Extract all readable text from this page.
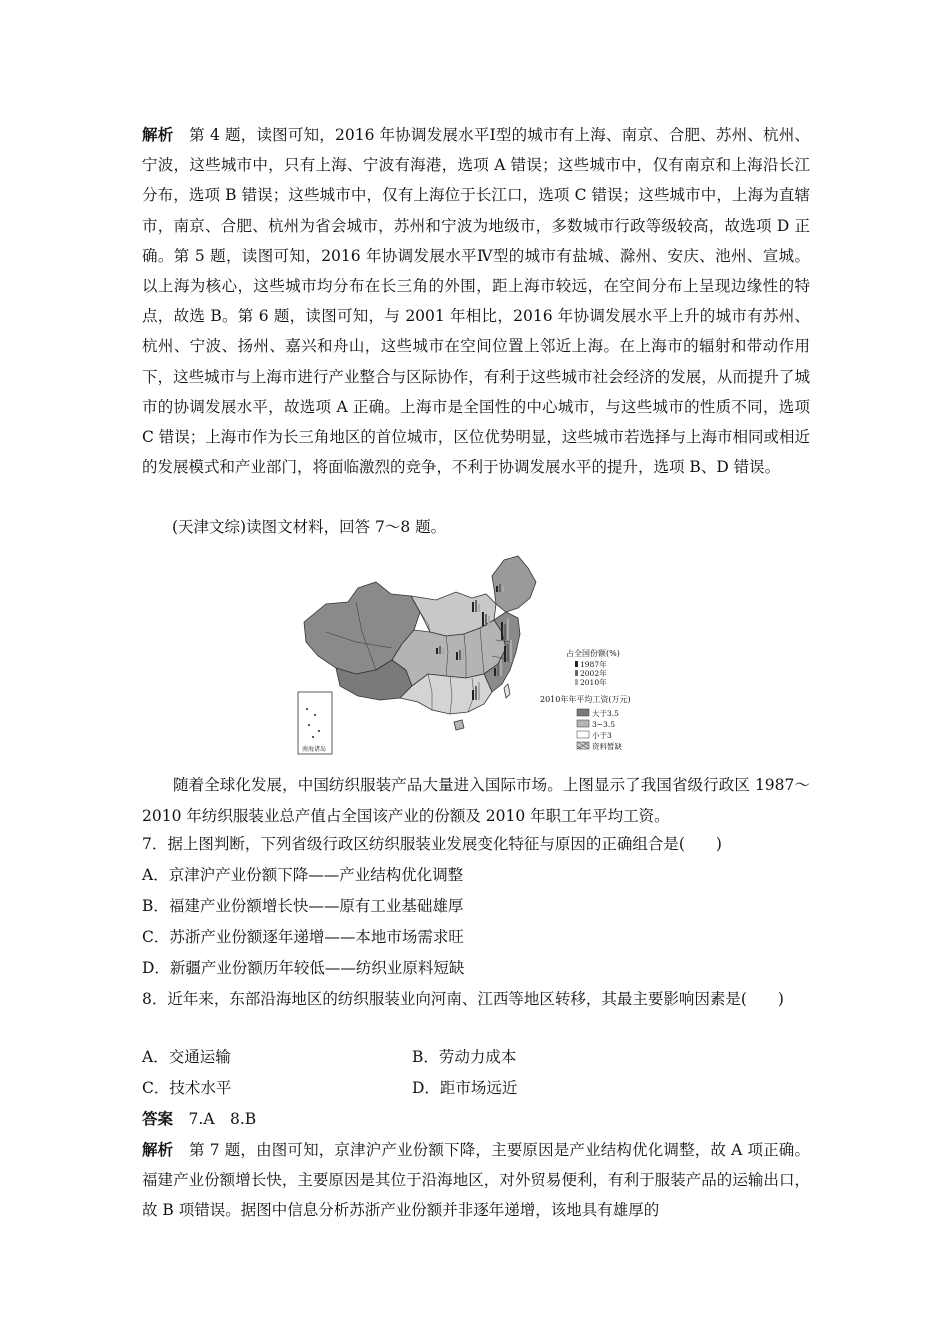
解析　 第 4 题，读图可知，2016 年协调发展水平Ⅰ型的城市有上海、南京、合肥、苏州、杭州、宁波，这些城市中，只有上海、宁波有海港，选项 A 错误；这些城市中，仅有南京和上海沿长江分布，选项 B 错误；这些城市中，仅有上海位于长江口，选项 C 错误；这些城市中，上海为直辖市，南京、合肥、杭州为省会城市，苏州和宁波为地级市，多数城市行政等级较高，故选项 D 正确。第 5 题，读图可知，2016 年协调发展水平Ⅳ型的城市有盐城、滁州、安庆、池州、宣城。以上海为核心，这些城市均分布在长三角的外围，距上海市较远，在空间分布上呈现边缘性的特点，故选 B。第 6 题，读图可知，与 2001 年相比，2016 年协调发展水平上升的城市有苏州、杭州、宁波、扬州、嘉兴和舟山，这些城市在空间位置上邻近上海。在上海市的辐射和带动作用下，这些城市与上海市进行产业整合与区际协作，有利于这些城市社会经济的发展，从而提升了城市的协调发展水平，故选项 A 正确。上海市是全国性的中心城市，与这些城市的性质不同，选项 C 错误；上海市作为长三角地区的首位城市，区位优势明显，这些城市若选择与上海市相同或相近的发展模式和产业部门，将面临激烈的竞争，不利于协调发展水平的提升，选项 B、D 错误。

(天津文综)读图文材料，回答 7～8 题。
南海诸岛
占全国份额(%)
1987年
2002年
2010年
2010年年平均工资(万元)
大于3.5
3~3.5
小于3
资料暂缺

随着全球化发展，中国纺织服装产品大量进入国际市场。上图显示了我国省级行政区 1987～2010 年纺织服装业总产值占全国该产业的份额及 2010 年职工年平均工资。

7．据上图判断，下列省级行政区纺织服装业发展变化特征与原因的正确组合是(　　)
A．京津沪产业份额下降——产业结构优化调整
B．福建产业份额增长快——原有工业基础雄厚
C．苏浙产业份额逐年递增——本地市场需求旺
D．新疆产业份额历年较低——纺织业原料短缺

8．近年来，东部沿海地区的纺织服装业向河南、江西等地区转移，其最主要影响因素是(　　)

A．交通运输	B．劳动力成本
C．技术水平	D．距市场远近
答案　 7.A　8.B

解析　 第 7 题，由图可知，京津沪产业份额下降，主要原因是产业结构优化调整，故 A 项正确。福建产业份额增长快，主要原因是其位于沿海地区，对外贸易便利，有利于服装产品的运输出口，故 B 项错误。据图中信息分析苏浙产业份额并非逐年递增，该地具有雄厚的
